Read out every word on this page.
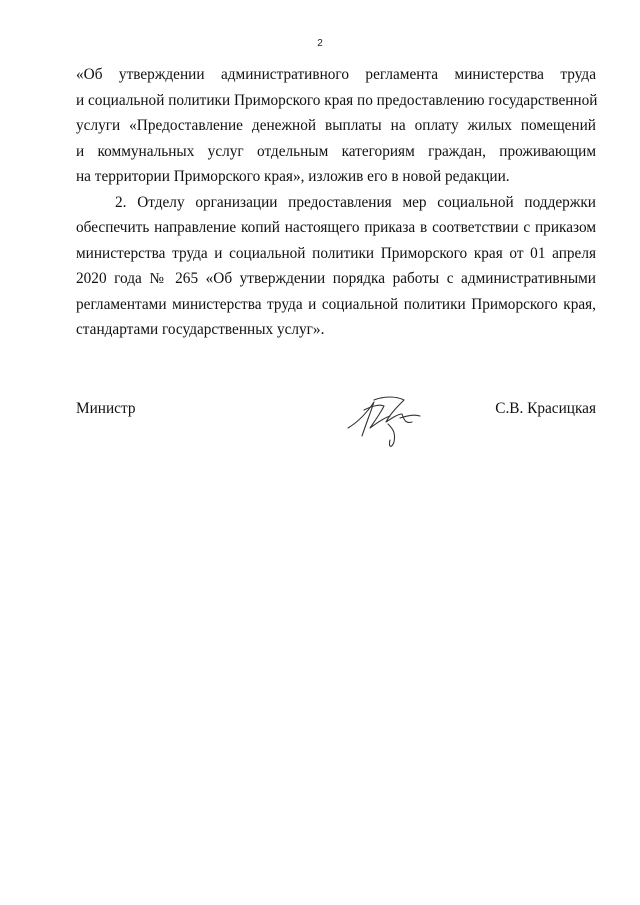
2
«Об утверждении административного регламента министерства труда
и социальной политики Приморского края по предоставлению государственной
услуги «Предоставление денежной выплаты на оплату жилых помещений
и коммунальных услуг отдельным категориям граждан, проживающим
на территории Приморского края», изложив его в новой редакции.
2. Отделу организации предоставления мер социальной поддержки
обеспечить направление копий настоящего приказа в соответствии с приказом
министерства труда и социальной политики Приморского края от 01 апреля
2020 года № 265 «Об утверждении порядка работы с административными
регламентами министерства труда и социальной политики Приморского края,
стандартами государственных услуг».
Министр	С.В. Красицкая
